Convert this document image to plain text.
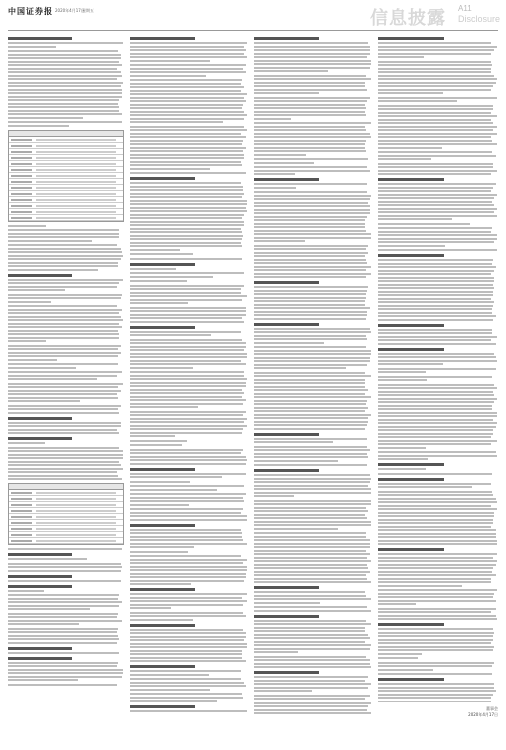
中国证券报 2020年4月17日
星期五	信息披露 A11
Disclosure
董事会
2020年4月17日
